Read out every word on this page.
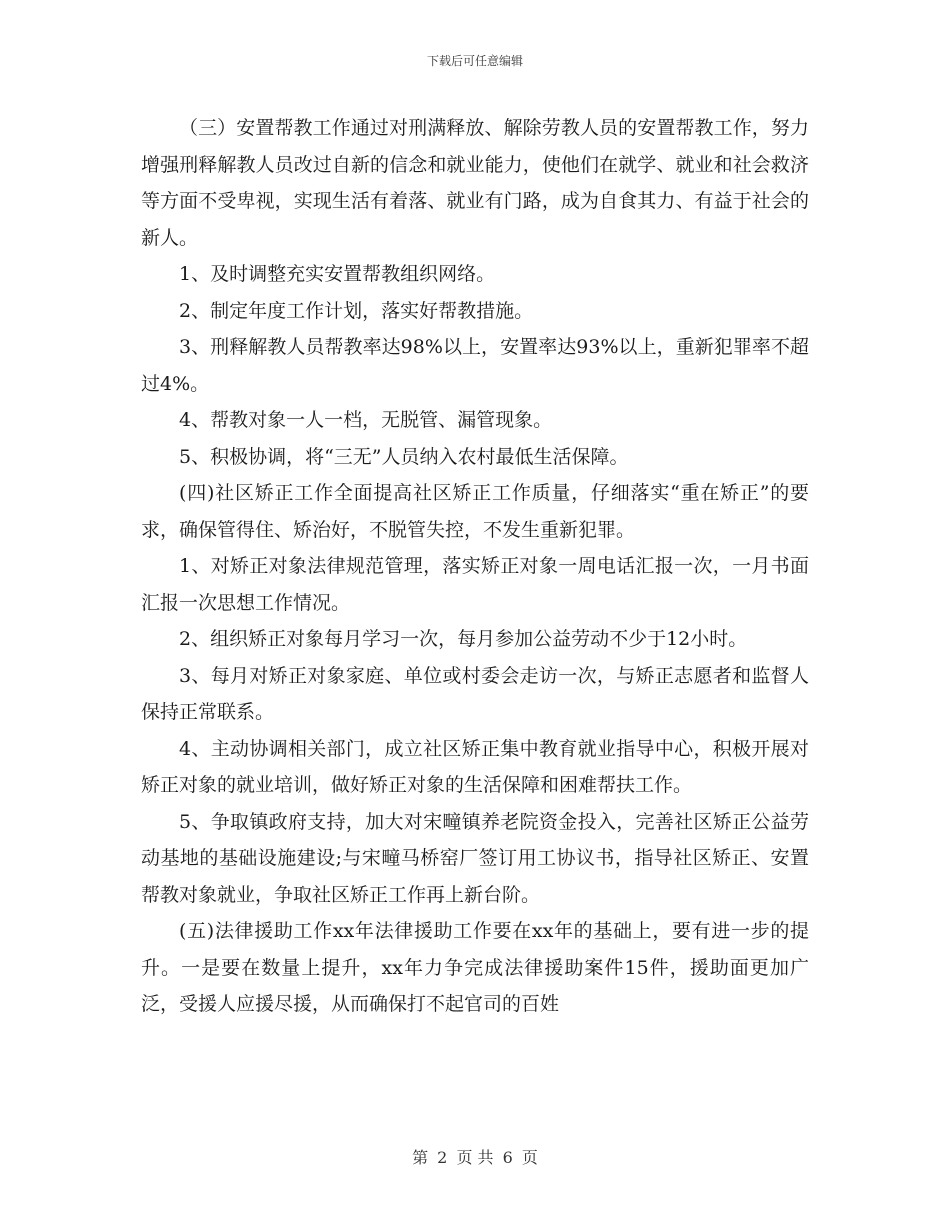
下载后可任意编辑

（三）安置帮教工作通过对刑满释放、解除劳教人员的安置帮教工作，努力增强刑释解教人员改过自新的信念和就业能力，使他们在就学、就业和社会救济等方面不受卑视，实现生活有着落、就业有门路，成为自食其力、有益于社会的新人。

1、及时调整充实安置帮教组织网络。

2、制定年度工作计划，落实好帮教措施。

3、刑释解教人员帮教率达98%以上，安置率达93%以上，重新犯罪率不超过4%。

4、帮教对象一人一档，无脱管、漏管现象。

5、积极协调，将“三无”人员纳入农村最低生活保障。

(四)社区矫正工作全面提高社区矫正工作质量，仔细落实“重在矫正”的要求，确保管得住、矫治好，不脱管失控，不发生重新犯罪。

1、对矫正对象法律规范管理，落实矫正对象一周电话汇报一次，一月书面汇报一次思想工作情况。

2、组织矫正对象每月学习一次，每月参加公益劳动不少于12小时。

3、每月对矫正对象家庭、单位或村委会走访一次，与矫正志愿者和监督人保持正常联系。

4、主动协调相关部门，成立社区矫正集中教育就业指导中心，积极开展对矫正对象的就业培训，做好矫正对象的生活保障和困难帮扶工作。

5、争取镇政府支持，加大对宋疃镇养老院资金投入，完善社区矫正公益劳动基地的基础设施建设;与宋疃马桥窑厂签订用工协议书，指导社区矫正、安置帮教对象就业，争取社区矫正工作再上新台阶。

(五)法律援助工作xx年法律援助工作要在xx年的基础上，要有进一步的提升。一是要在数量上提升，xx年力争完成法律援助案件15件，援助面更加广泛，受援人应援尽援，从而确保打不起官司的百姓

第 2 页 共 6 页
